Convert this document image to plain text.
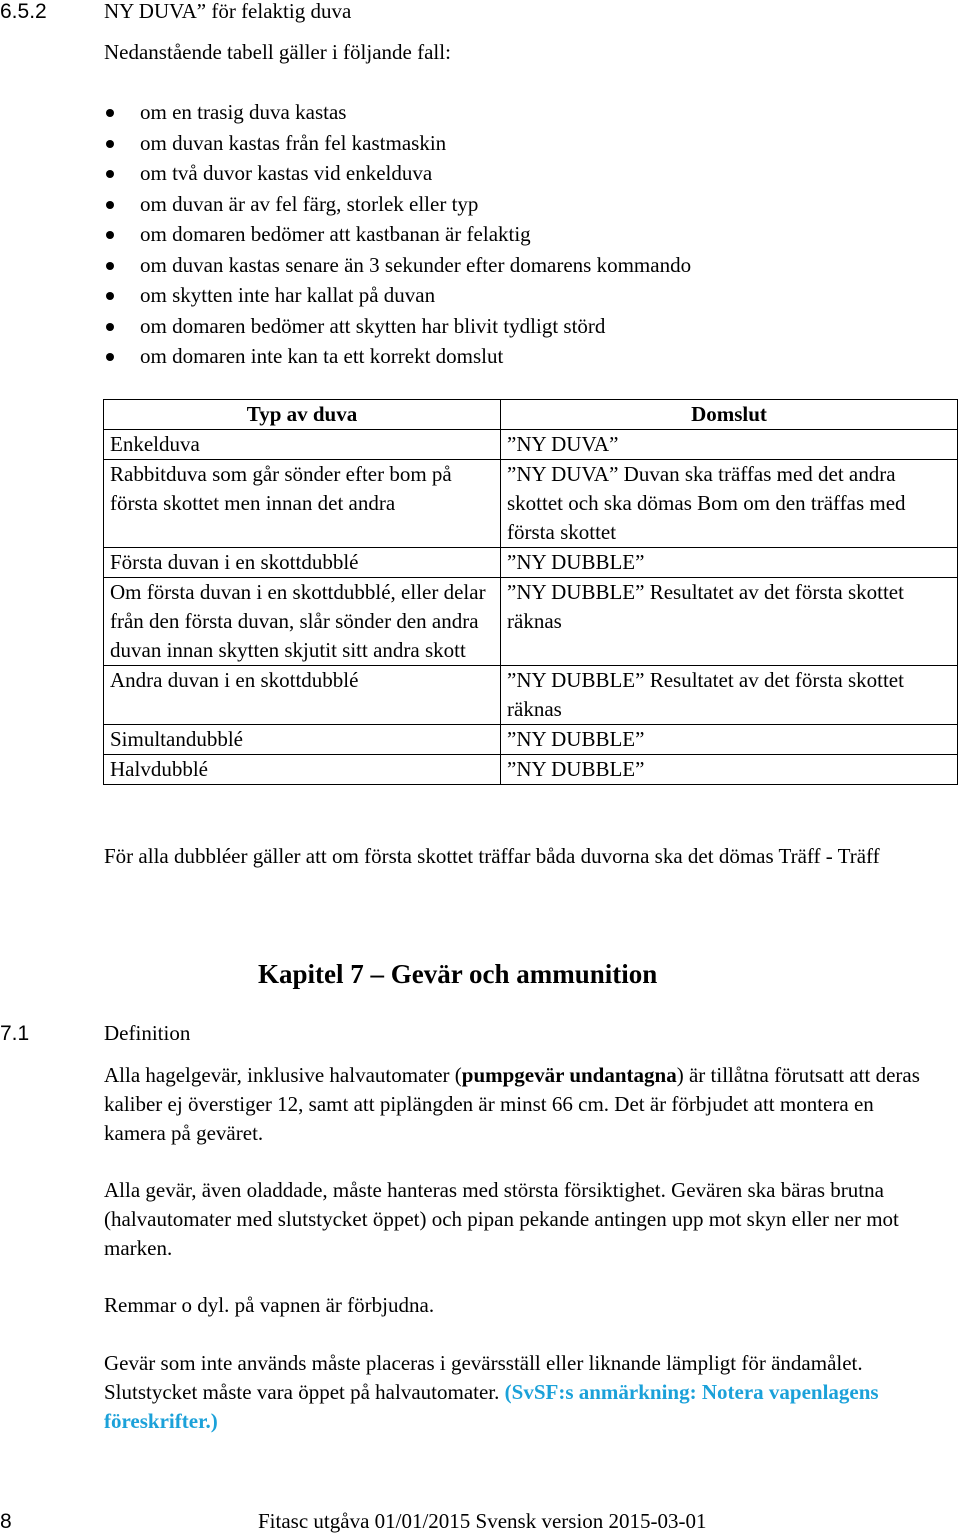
6.5.2	NY DUVA” för felaktig duva
Nedanstående tabell gäller i följande fall:
om en trasig duva kastas
om duvan kastas från fel kastmaskin
om två duvor kastas vid enkelduva
om duvan är av fel färg, storlek eller typ
om domaren bedömer att kastbanan är felaktig
om duvan kastas senare än 3 sekunder efter domarens kommando
om skytten inte har kallat på duvan
om domaren bedömer att skytten har blivit tydligt störd
om domaren inte kan ta ett korrekt domslut
Typ av duva	Domslut
Enkelduva	”NY DUVA”
Rabbitduva som går sönder efter bom på första skottet men innan det andra	”NY DUVA” Duvan ska träffas med det andra skottet och ska dömas Bom om den träffas med första skottet
Första duvan i en skottdubblé	”NY DUBBLE”
Om första duvan i en skottdubblé, eller delar från den första duvan, slår sönder den andra duvan innan skytten skjutit sitt andra skott	”NY DUBBLE” Resultatet av det första skottet räknas
Andra duvan i en skottdubblé	”NY DUBBLE” Resultatet av det första skottet räknas
Simultandubblé	”NY DUBBLE”
Halvdubblé	”NY DUBBLE”
För alla dubbléer gäller att om första skottet träffar båda duvorna ska det dömas Träff - Träff
Kapitel 7 – Gevär och ammunition
7.1	Definition
Alla hagelgevär, inklusive halvautomater (pumpgevär undantagna) är tillåtna förutsatt att deras kaliber ej överstiger 12, samt att piplängden är minst 66 cm. Det är förbjudet att montera en kamera på geväret.
Alla gevär, även oladdade, måste hanteras med största försiktighet. Gevären ska bäras brutna (halvautomater med slutstycket öppet) och pipan pekande antingen upp mot skyn eller ner mot marken.
Remmar o dyl. på vapnen är förbjudna.
Gevär som inte används måste placeras i gevärsställ eller liknande lämpligt för ändamålet. Slutstycket måste vara öppet på halvautomater. (SvSF:s anmärkning: Notera vapenlagens föreskrifter.)
8	Fitasc utgåva 01/01/2015 Svensk version 2015-03-01
